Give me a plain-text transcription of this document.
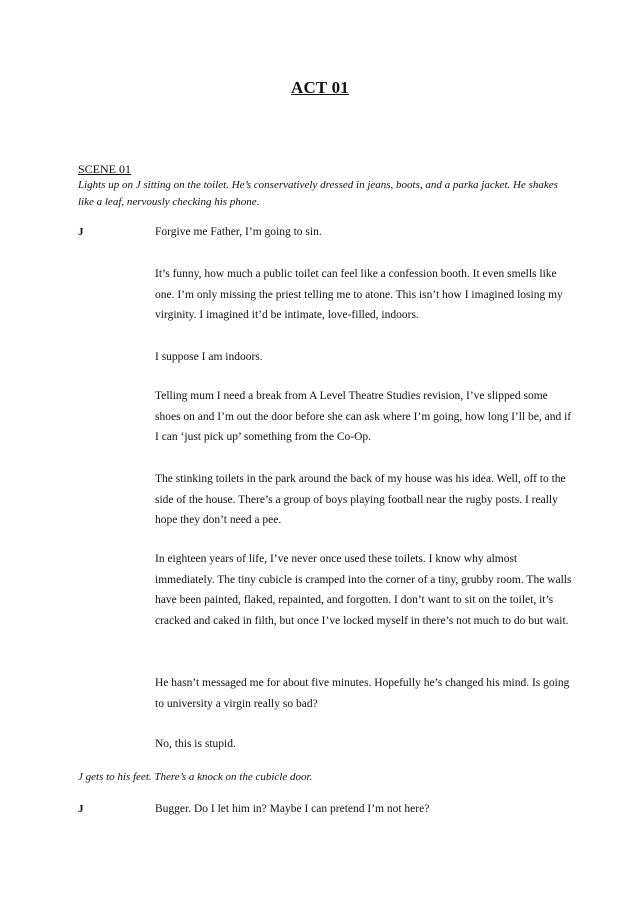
ACT 01
SCENE 01
Lights up on J sitting on the toilet. He’s conservatively dressed in jeans, boots, and a parka jacket. He shakes like a leaf, nervously checking his phone.
J	Forgive me Father, I’m going to sin.
It’s funny, how much a public toilet can feel like a confession booth. It even smells like one. I’m only missing the priest telling me to atone. This isn’t how I imagined losing my virginity. I imagined it’d be intimate, love-filled, indoors.
I suppose I am indoors.
Telling mum I need a break from A Level Theatre Studies revision, I’ve slipped some shoes on and I’m out the door before she can ask where I’m going, how long I’ll be, and if I can ‘just pick up’ something from the Co-Op.
The stinking toilets in the park around the back of my house was his idea. Well, off to the side of the house. There’s a group of boys playing football near the rugby posts. I really hope they don’t need a pee.
In eighteen years of life, I’ve never once used these toilets. I know why almost immediately. The tiny cubicle is cramped into the corner of a tiny, grubby room. The walls have been painted, flaked, repainted, and forgotten. I don’t want to sit on the toilet, it’s cracked and caked in filth, but once I’ve locked myself in there’s not much to do but wait.
He hasn’t messaged me for about five minutes. Hopefully he’s changed his mind. Is going to university a virgin really so bad?
No, this is stupid.
J gets to his feet. There’s a knock on the cubicle door.
J	Bugger. Do I let him in? Maybe I can pretend I’m not here?
